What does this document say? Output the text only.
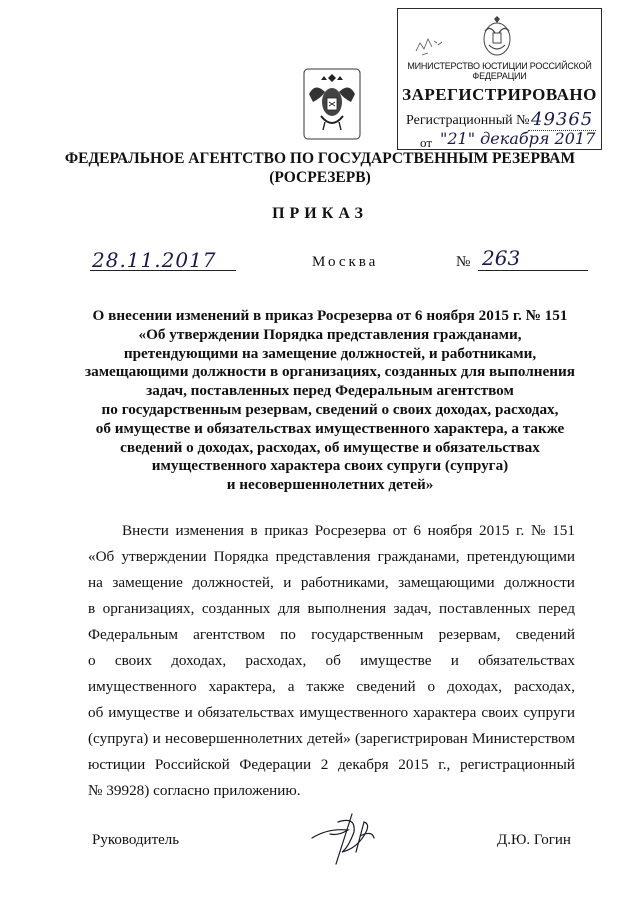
МИНИСТЕРСТВО ЮСТИЦИИ РОССИЙСКОЙ ФЕДЕРАЦИИ
ЗАРЕГИСТРИРОВАНО
Регистрационный № 49365
от "21" декабря 2017
ФЕДЕРАЛЬНОЕ АГЕНТСТВО ПО ГОСУДАРСТВЕННЫМ РЕЗЕРВАМ
(РОСРЕЗЕРВ)
ПРИКАЗ
28.11.2017	Москва	№ 263
О внесении изменений в приказ Росрезерва от 6 ноября 2015 г. № 151
«Об утверждении Порядка представления гражданами,
претендующими на замещение должностей, и работниками,
замещающими должности в организациях, созданных для выполнения
задач, поставленных перед Федеральным агентством
по государственным резервам, сведений о своих доходах, расходах,
об имуществе и обязательствах имущественного характера, а также
сведений о доходах, расходах, об имуществе и обязательствах
имущественного характера своих супруги (супруга)
и несовершеннолетних детей»
Внести изменения в приказ Росрезерва от 6 ноября 2015 г. № 151
«Об утверждении Порядка представления гражданами, претендующими
на замещение должностей, и работниками, замещающими должности
в организациях, созданных для выполнения задач, поставленных перед
Федеральным агентством по государственным резервам, сведений
о своих доходах, расходах, об имуществе и обязательствах
имущественного характера, а также сведений о доходах, расходах,
об имуществе и обязательствах имущественного характера своих супруги
(супруга) и несовершеннолетних детей» (зарегистрирован Министерством
юстиции Российской Федерации 2 декабря 2015 г., регистрационный
№ 39928) согласно приложению.
Руководитель	Д.Ю. Гогин
